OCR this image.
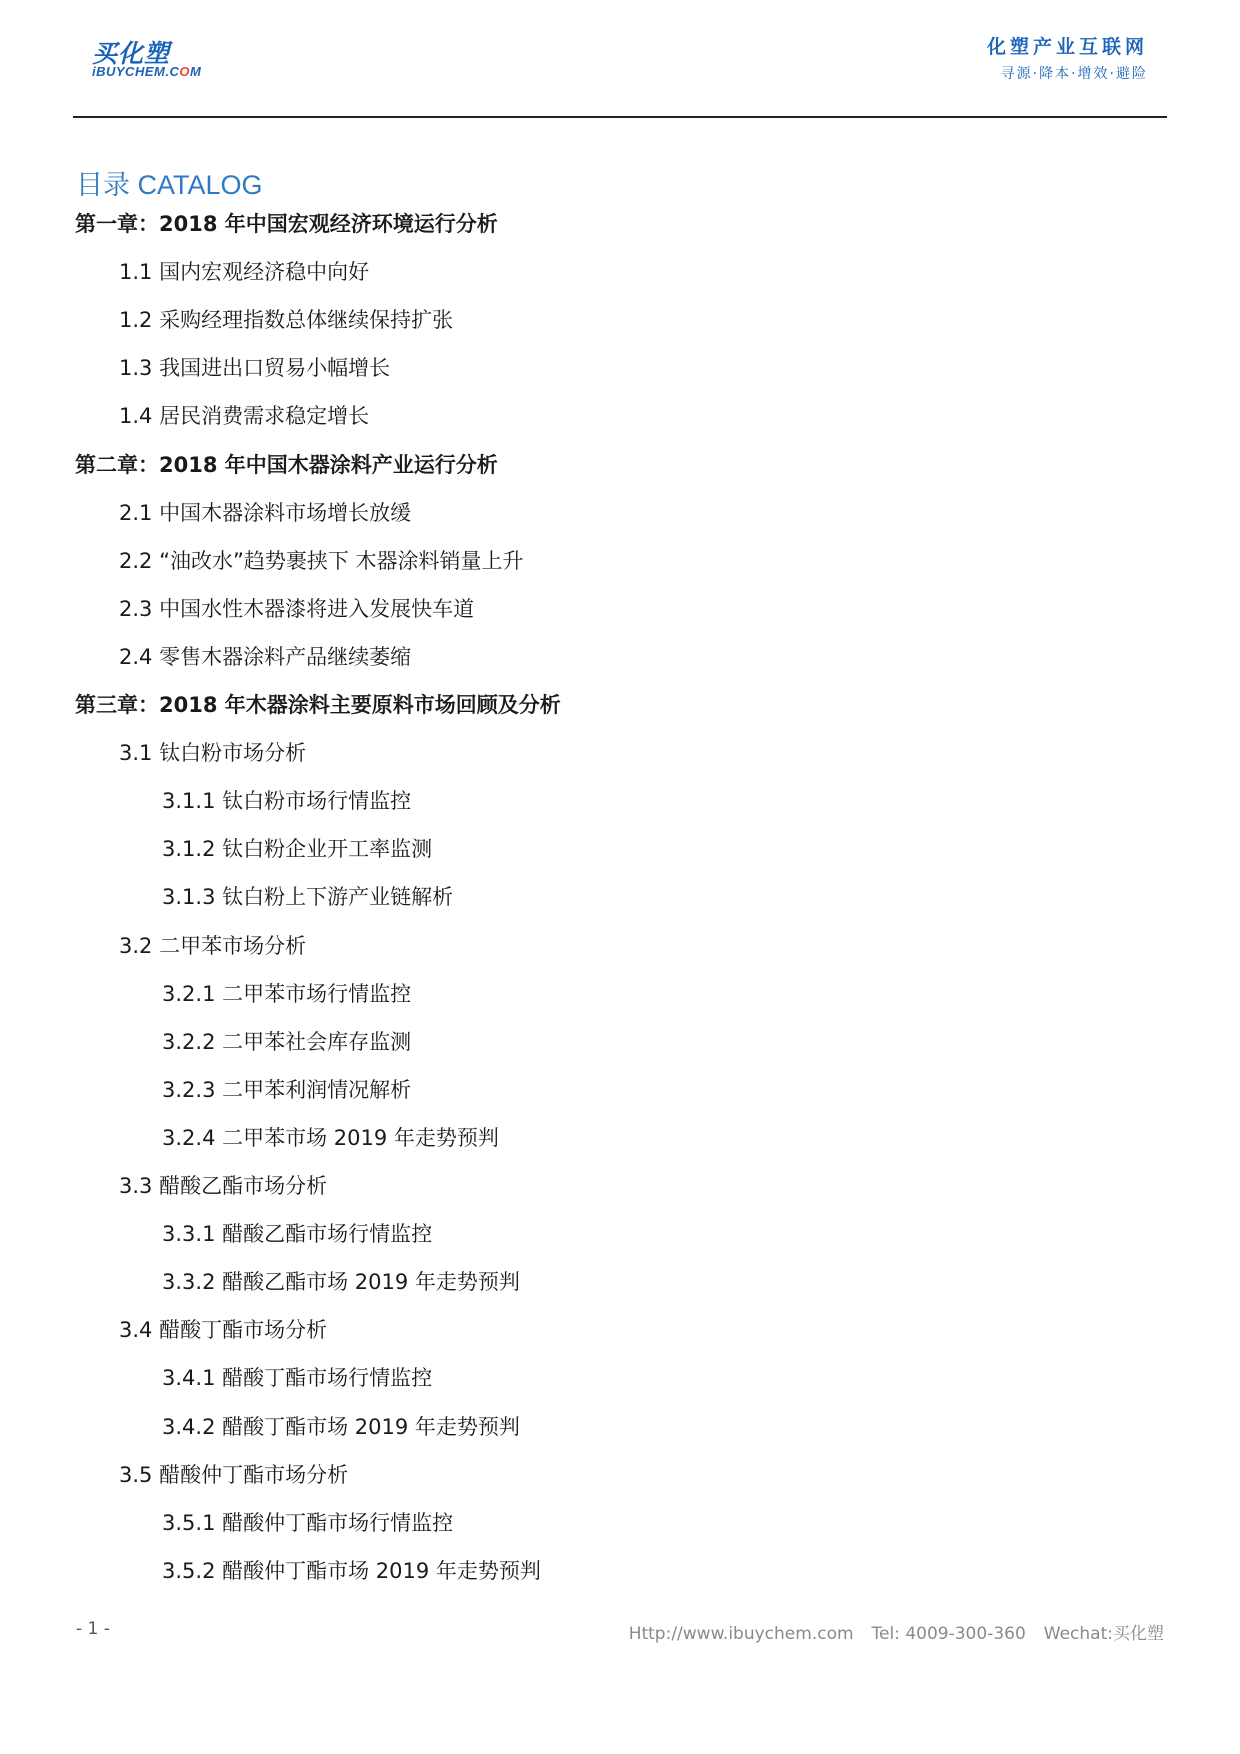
买化塑
iBUYCHEM.COM
化塑产业互联网
寻源·降本·增效·避险
目录 CATALOG
第一章：2018 年中国宏观经济环境运行分析
1.1 国内宏观经济稳中向好
1.2 采购经理指数总体继续保持扩张
1.3 我国进出口贸易小幅增长
1.4 居民消费需求稳定增长
第二章：2018 年中国木器涂料产业运行分析
2.1 中国木器涂料市场增长放缓
2.2 “油改水”趋势裹挟下 木器涂料销量上升
2.3 中国水性木器漆将进入发展快车道
2.4 零售木器涂料产品继续萎缩
第三章：2018 年木器涂料主要原料市场回顾及分析
3.1 钛白粉市场分析
3.1.1 钛白粉市场行情监控
3.1.2 钛白粉企业开工率监测
3.1.3 钛白粉上下游产业链解析
3.2 二甲苯市场分析
3.2.1 二甲苯市场行情监控
3.2.2 二甲苯社会库存监测
3.2.3 二甲苯利润情况解析
3.2.4 二甲苯市场 2019 年走势预判
3.3 醋酸乙酯市场分析
3.3.1 醋酸乙酯市场行情监控
3.3.2 醋酸乙酯市场 2019 年走势预判
3.4 醋酸丁酯市场分析
3.4.1 醋酸丁酯市场行情监控
3.4.2 醋酸丁酯市场 2019 年走势预判
3.5 醋酸仲丁酯市场分析
3.5.1 醋酸仲丁酯市场行情监控
3.5.2 醋酸仲丁酯市场 2019 年走势预判
- 1 -	Http://www.ibuychem.com Tel: 4009-300-360 Wechat:买化塑
